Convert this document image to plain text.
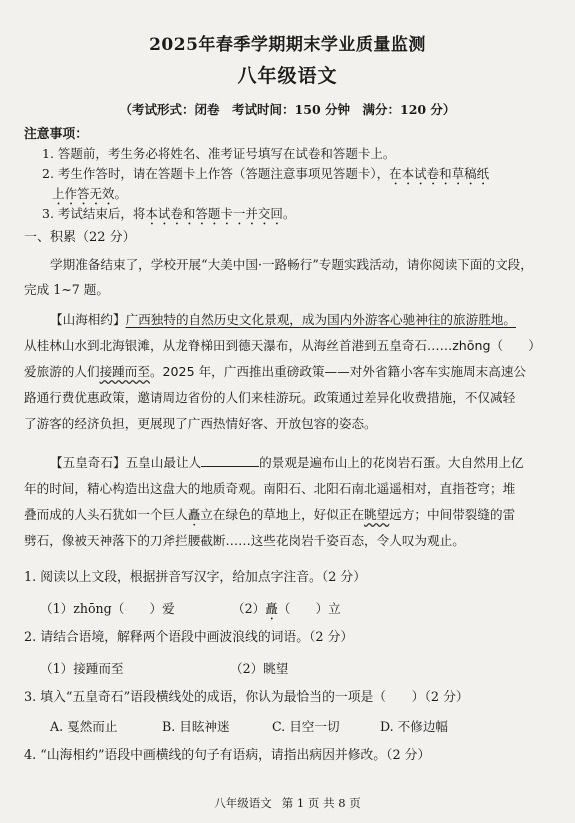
2025年春季学期期末学业质量监测
八年级语文
（考试形式：闭卷　考试时间：150 分钟　满分：120 分）
注意事项：
1. 答题前，考生务必将姓名、准考证号填写在试卷和答题卡上。
2. 考生作答时，请在答题卡上作答（答题注意事项见答题卡），在本试卷和草稿纸
上作答无效。
3. 考试结束后，将本试卷和答题卡一并交回。
一、积累（22 分）
学期准备结束了，学校开展“大美中国·一路畅行”专题实践活动，请你阅读下面的文段，
完成 1~7 题。
【山海相约】广西独特的自然历史文化景观，成为国内外游客心驰神往的旅游胜地。
从桂林山水到北海银滩，从龙脊梯田到德天瀑布，从海丝首港到五皇奇石……zhōng（　　）
爱旅游的人们接踵而至。2025 年，广西推出重磅政策——对外省籍小客车实施周末高速公
路通行费优惠政策，邀请周边省份的人们来桂游玩。政策通过差异化收费措施，不仅减轻
了游客的经济负担，更展现了广西热情好客、开放包容的姿态。
【五皇奇石】五皇山最让人	的景观是遍布山上的花岗岩石蛋。大自然用上亿
年的时间，精心构造出这盘大的地质奇观。南阳石、北阳石南北遥遥相对，直指苍穹；堆
叠而成的人头石犹如一个巨人矗立在绿色的草地上，好似正在眺望远方；中间带裂缝的雷
劈石，像被天神落下的刀斧拦腰截断……这些花岗岩千姿百态，令人叹为观止。
1. 阅读以上文段，根据拼音写汉字，给加点字注音。（2 分）
（1）zhōng（　　）爱	（2）矗（　　）立
2. 请结合语境，解释两个语段中画波浪线的词语。（2 分）
（1）接踵而至	（2）眺望
3. 填入“五皇奇石”语段横线处的成语，你认为最恰当的一项是（　　）（2 分）
A. 戛然而止	B. 目眩神迷	C. 目空一切	D. 不修边幅
4. “山海相约”语段中画横线的句子有语病，请指出病因并修改。（2 分）
八年级语文 第 1 页 共 8 页
